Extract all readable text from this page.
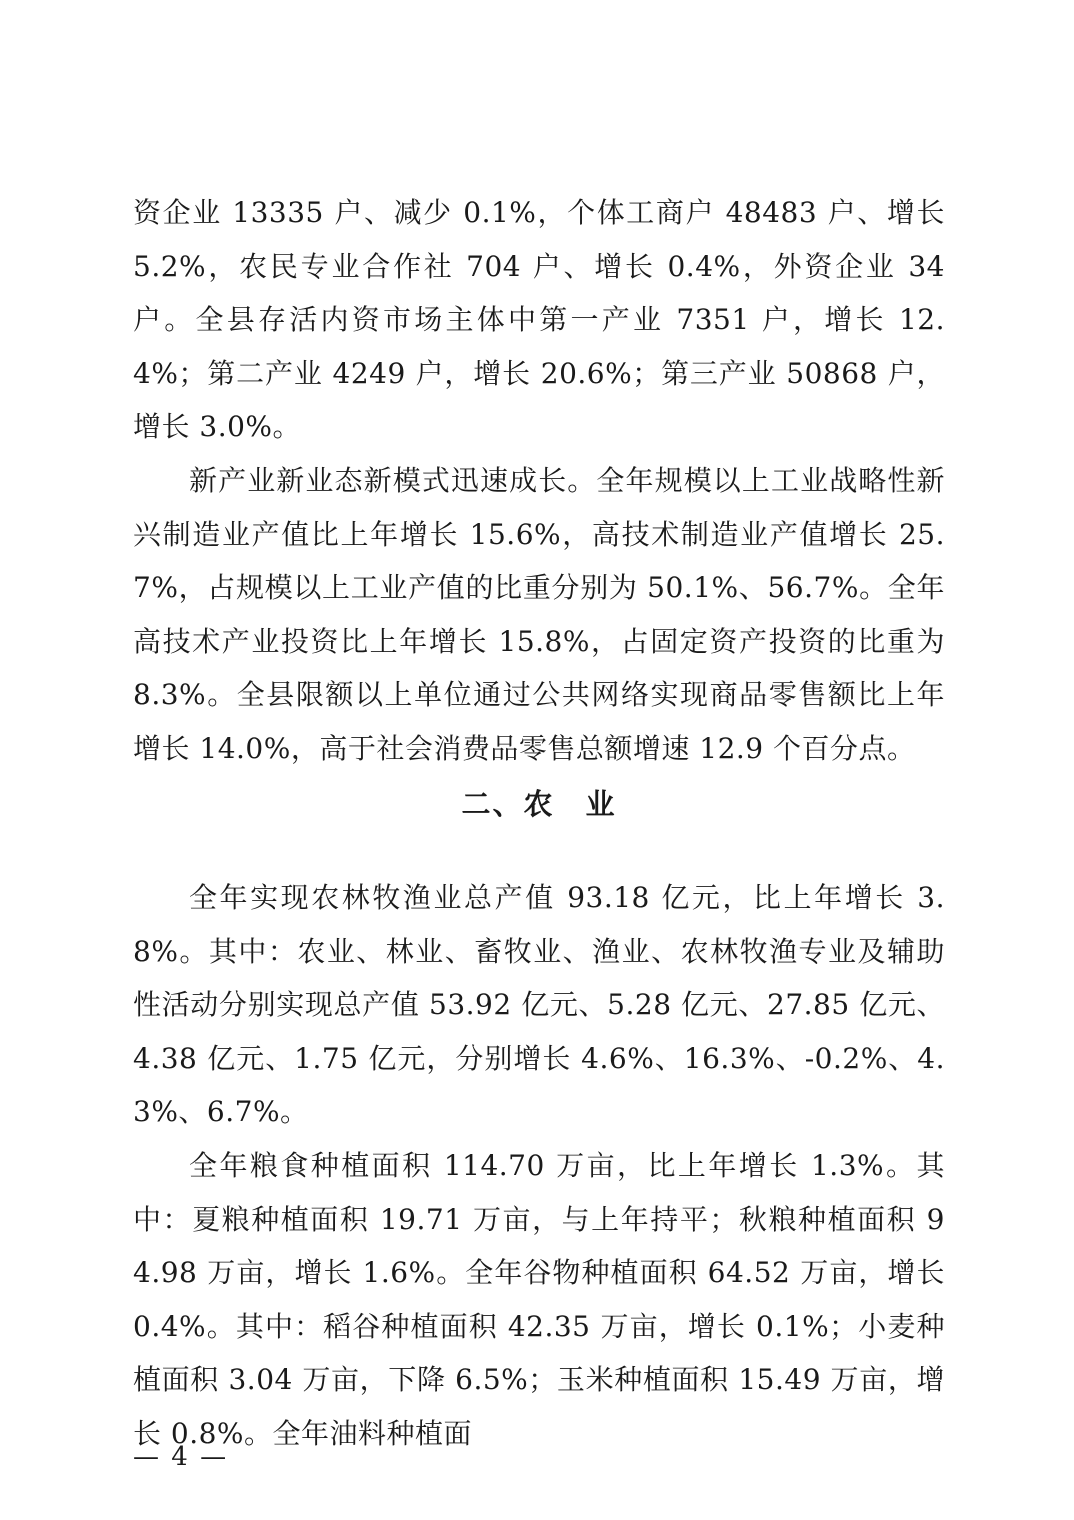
资企业 13335 户、减少 0.1%，个体工商户 48483 户、增长 5.2%，农民专业合作社 704 户、增长 0.4%，外资企业 34 户。全县存活内资市场主体中第一产业 7351 户，增长 12.4%；第二产业 4249 户，增长 20.6%；第三产业 50868 户，增长 3.0%。

新产业新业态新模式迅速成长。全年规模以上工业战略性新兴制造业产值比上年增长 15.6%，高技术制造业产值增长 25.7%，占规模以上工业产值的比重分别为 50.1%、56.7%。全年高技术产业投资比上年增长 15.8%，占固定资产投资的比重为 8.3%。全县限额以上单位通过公共网络实现商品零售额比上年增长 14.0%，高于社会消费品零售总额增速 12.9 个百分点。

二、农　业

全年实现农林牧渔业总产值 93.18 亿元，比上年增长 3.8%。其中：农业、林业、畜牧业、渔业、农林牧渔专业及辅助性活动分别实现总产值 53.92 亿元、5.28 亿元、27.85 亿元、4.38 亿元、1.75 亿元，分别增长 4.6%、16.3%、-0.2%、4.3%、6.7%。

全年粮食种植面积 114.70 万亩，比上年增长 1.3%。其中：夏粮种植面积 19.71 万亩，与上年持平；秋粮种植面积 94.98 万亩，增长 1.6%。全年谷物种植面积 64.52 万亩，增长 0.4%。其中：稻谷种植面积 42.35 万亩，增长 0.1%；小麦种植面积 3.04 万亩，下降 6.5%；玉米种植面积 15.49 万亩，增长 0.8%。全年油料种植面

— 4 —
